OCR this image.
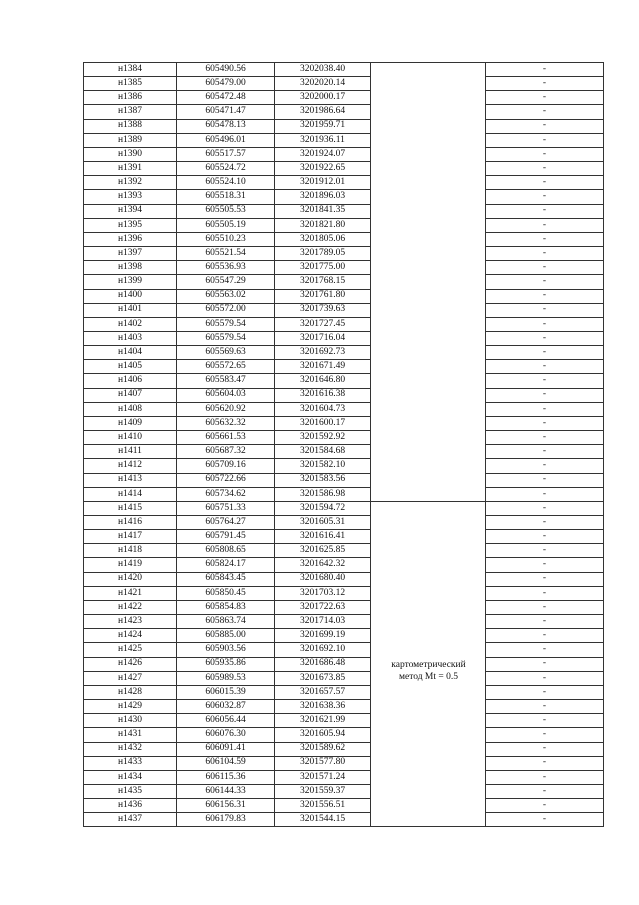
н1384	605490.56	3202038.40		-
н1385	605479.00	3202020.14		-
н1386	605472.48	3202000.17		-
н1387	605471.47	3201986.64		-
н1388	605478.13	3201959.71		-
н1389	605496.01	3201936.11		-
н1390	605517.57	3201924.07		-
н1391	605524.72	3201922.65		-
н1392	605524.10	3201912.01		-
н1393	605518.31	3201896.03		-
н1394	605505.53	3201841.35		-
н1395	605505.19	3201821.80		-
н1396	605510.23	3201805.06		-
н1397	605521.54	3201789.05		-
н1398	605536.93	3201775.00		-
н1399	605547.29	3201768.15		-
н1400	605563.02	3201761.80		-
н1401	605572.00	3201739.63		-
н1402	605579.54	3201727.45		-
н1403	605579.54	3201716.04		-
н1404	605569.63	3201692.73		-
н1405	605572.65	3201671.49		-
н1406	605583.47	3201646.80		-
н1407	605604.03	3201616.38		-
н1408	605620.92	3201604.73		-
н1409	605632.32	3201600.17		-
н1410	605661.53	3201592.92		-
н1411	605687.32	3201584.68		-
н1412	605709.16	3201582.10		-
н1413	605722.66	3201583.56		-
н1414	605734.62	3201586.98		-
н1415	605751.33	3201594.72		-
н1416	605764.27	3201605.31		-
н1417	605791.45	3201616.41		-
н1418	605808.65	3201625.85		-
н1419	605824.17	3201642.32		-
н1420	605843.45	3201680.40		-
н1421	605850.45	3201703.12		-
н1422	605854.83	3201722.63		-
н1423	605863.74	3201714.03		-
н1424	605885.00	3201699.19		-
н1425	605903.56	3201692.10		-
н1426	605935.86	3201686.48		-
н1427	605989.53	3201673.85		-
н1428	606015.39	3201657.57		-
н1429	606032.87	3201638.36		-
н1430	606056.44	3201621.99		-
н1431	606076.30	3201605.94		-
н1432	606091.41	3201589.62		-
н1433	606104.59	3201577.80		-
н1434	606115.36	3201571.24		-
н1435	606144.33	3201559.37		-
н1436	606156.31	3201556.51		-
н1437	606179.83	3201544.15		-
картометрический
метод Mt = 0.5
